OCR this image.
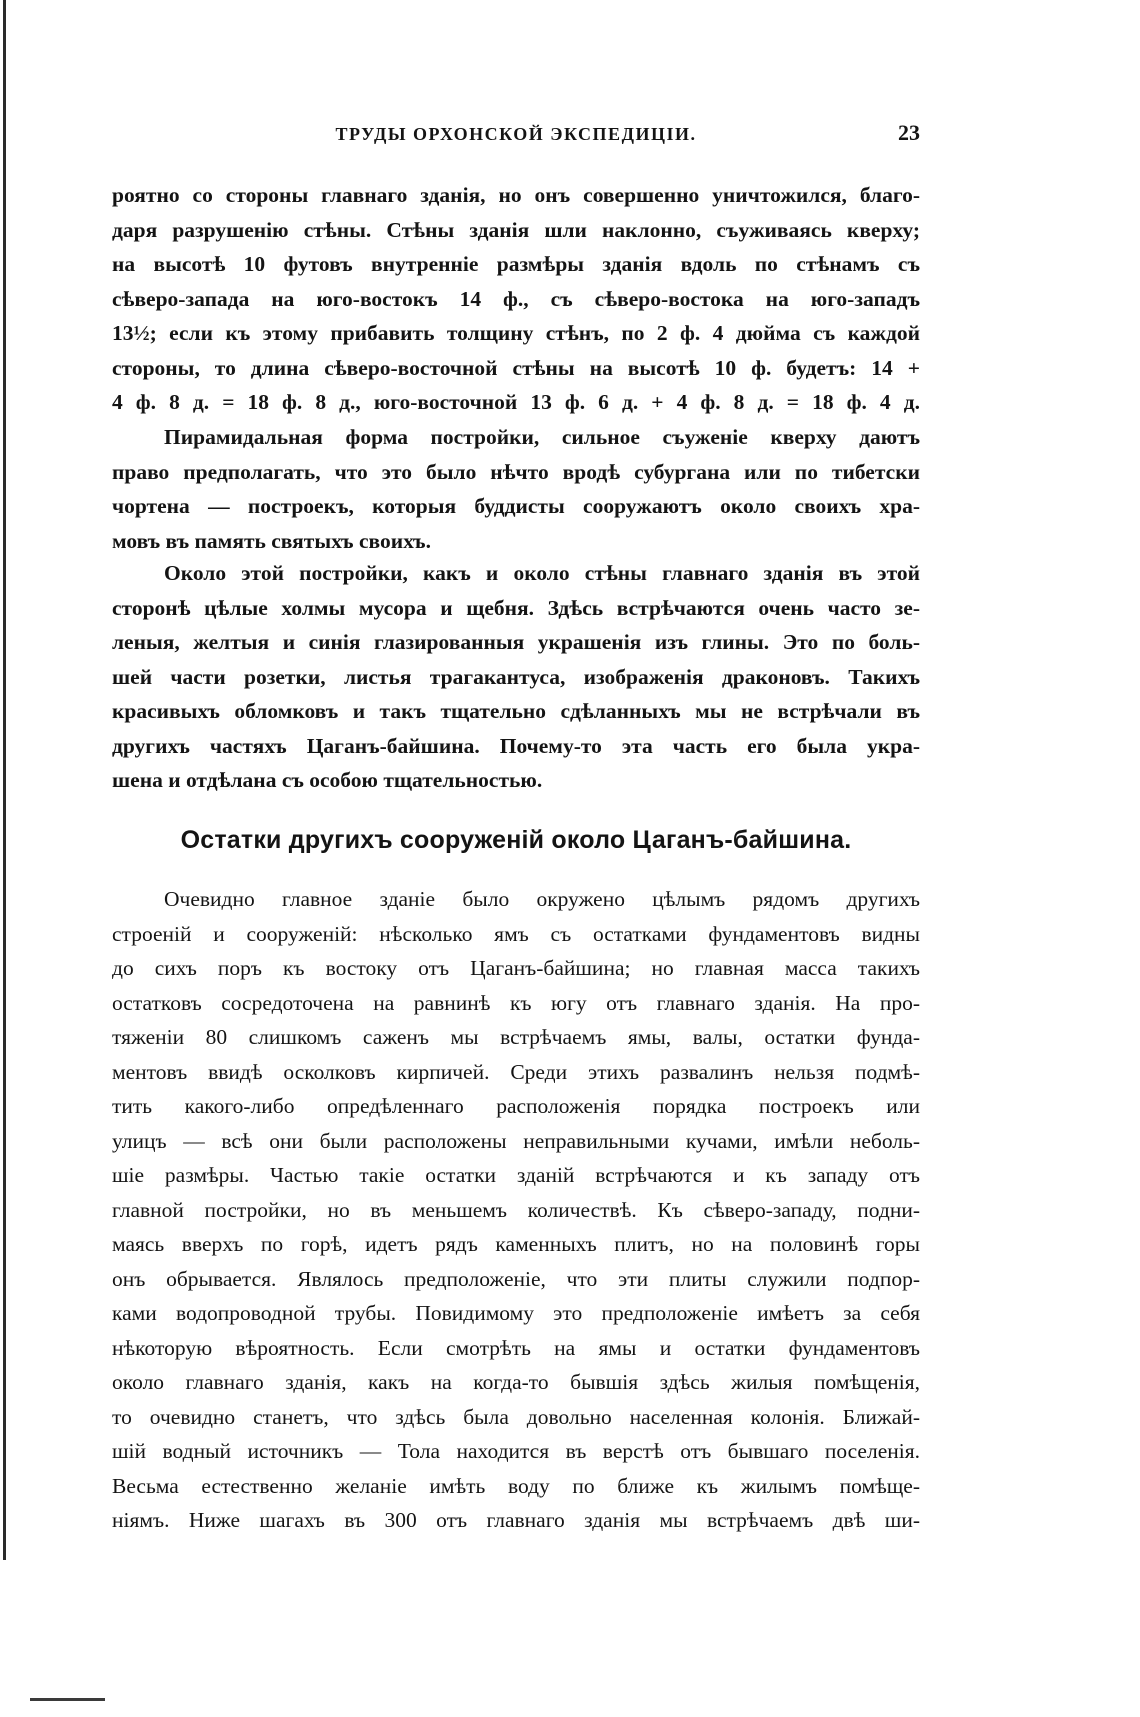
ТРУДЫ ОРХОНСКОЙ ЭКСПЕДИЦІИ.	23

роятно со стороны главнаго зданія, но онъ совершенно уничтожился, благо-

даря разрушенію стѣны. Стѣны зданія шли наклонно, съуживаясь кверху;

на высотѣ 10 футовъ внутренніе размѣры зданія вдоль по стѣнамъ съ

сѣверо-запада на юго-востокъ 14 ф., съ сѣверо-востока на юго-западъ

13½; если къ этому прибавить толщину стѣнъ, по 2 ф. 4 дюйма съ каждой

стороны, то длина сѣверо-восточной стѣны на высотѣ 10 ф. будетъ: 14 +

4 ф. 8 д. = 18 ф. 8 д., юго-восточной 13 ф. 6 д. + 4 ф. 8 д. = 18 ф. 4 д.

Пирамидальная форма постройки, сильное съуженіе кверху даютъ

право предполагать, что это было нѣчто вродѣ субургана или по тибетски

чортена — построекъ, которыя буддисты сооружаютъ около своихъ хра-

мовъ въ память святыхъ своихъ.

Около этой постройки, какъ и около стѣны главнаго зданія въ этой

сторонѣ цѣлые холмы мусора и щебня. Здѣсь встрѣчаются очень часто зе-

леныя, желтыя и синія глазированныя украшенія изъ глины. Это по боль-

шей части розетки, листья трагакантуса, изображенія драконовъ. Такихъ

красивыхъ обломковъ и такъ тщательно сдѣланныхъ мы не встрѣчали въ

другихъ частяхъ Цаганъ-байшина. Почему-то эта часть его была укра-

шена и отдѣлана съ особою тщательностью.

Остатки другихъ сооруженій около Цаганъ-байшина.

Очевидно главное зданіе было окружено цѣлымъ рядомъ другихъ

строеній и сооруженій: нѣсколько ямъ съ остатками фундаментовъ видны

до сихъ поръ къ востоку отъ Цаганъ-байшина; но главная масса такихъ

остатковъ сосредоточена на равнинѣ къ югу отъ главнаго зданія. На про-

тяженіи 80 слишкомъ саженъ мы встрѣчаемъ ямы, валы, остатки фунда-

ментовъ ввидѣ осколковъ кирпичей. Среди этихъ развалинъ нельзя подмѣ-

тить какого-либо опредѣленнаго расположенія порядка построекъ или

улицъ — всѣ они были расположены неправильными кучами, имѣли неболь-

шіе размѣры. Частью такіе остатки зданій встрѣчаются и къ западу отъ

главной постройки, но въ меньшемъ количествѣ. Къ сѣверо-западу, подни-

маясь вверхъ по горѣ, идетъ рядъ каменныхъ плитъ, но на половинѣ горы

онъ обрывается. Являлось предположеніе, что эти плиты служили подпор-

ками водопроводной трубы. Повидимому это предположеніе имѣетъ за себя

нѣкоторую вѣроятность. Если смотрѣть на ямы и остатки фундаментовъ

около главнаго зданія, какъ на когда-то бывшія здѣсь жилыя помѣщенія,

то очевидно станетъ, что здѣсь была довольно населенная колонія. Ближай-

шій водный источникъ — Тола находится въ верстѣ отъ бывшаго поселенія.

Весьма естественно желаніе имѣть воду по ближе къ жилымъ помѣще-

ніямъ. Ниже шагахъ въ 300 отъ главнаго зданія мы встрѣчаемъ двѣ ши-
